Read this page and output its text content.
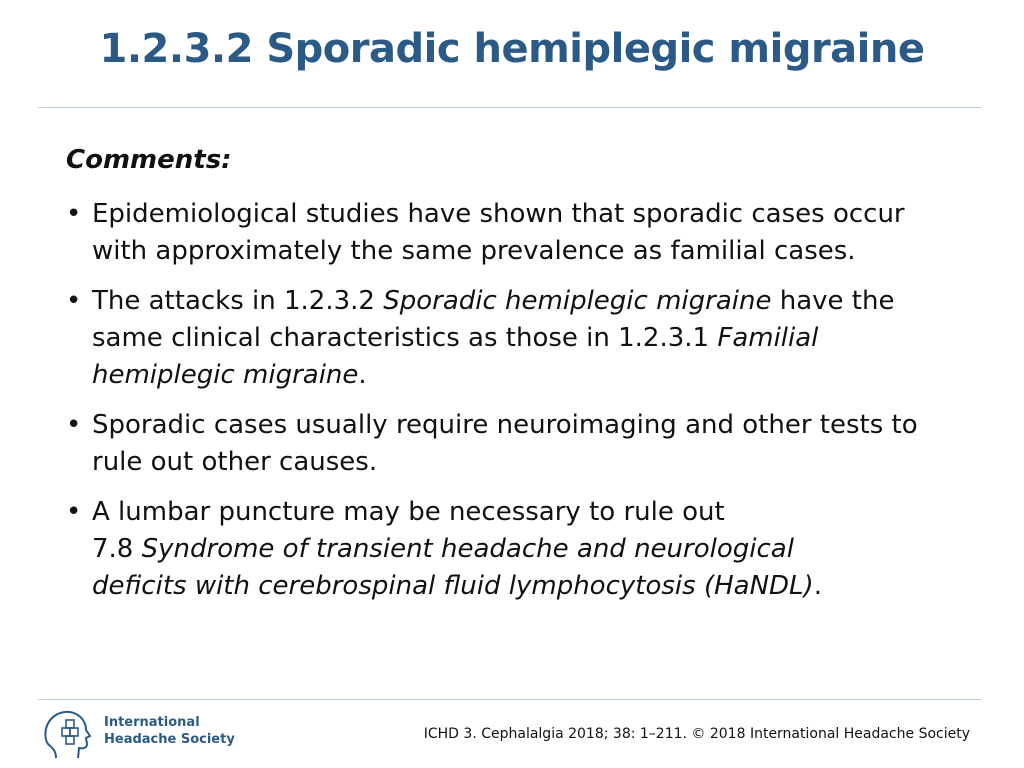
1.2.3.2 Sporadic hemiplegic migraine
Comments:
• Epidemiological studies have shown that sporadic cases occur
with approximately the same prevalence as familial cases.
• The attacks in 1.2.3.2 Sporadic hemiplegic migraine have the
same clinical characteristics as those in 1.2.3.1 Familial
hemiplegic migraine.
• Sporadic cases usually require neuroimaging and other tests to
rule out other causes.
• A lumbar puncture may be necessary to rule out
7.8 Syndrome of transient headache and neurological
deficits with cerebrospinal fluid lymphocytosis (HaNDL).
International
Headache Society	ICHD 3. Cephalalgia 2018; 38: 1–211. © 2018 International Headache Society
